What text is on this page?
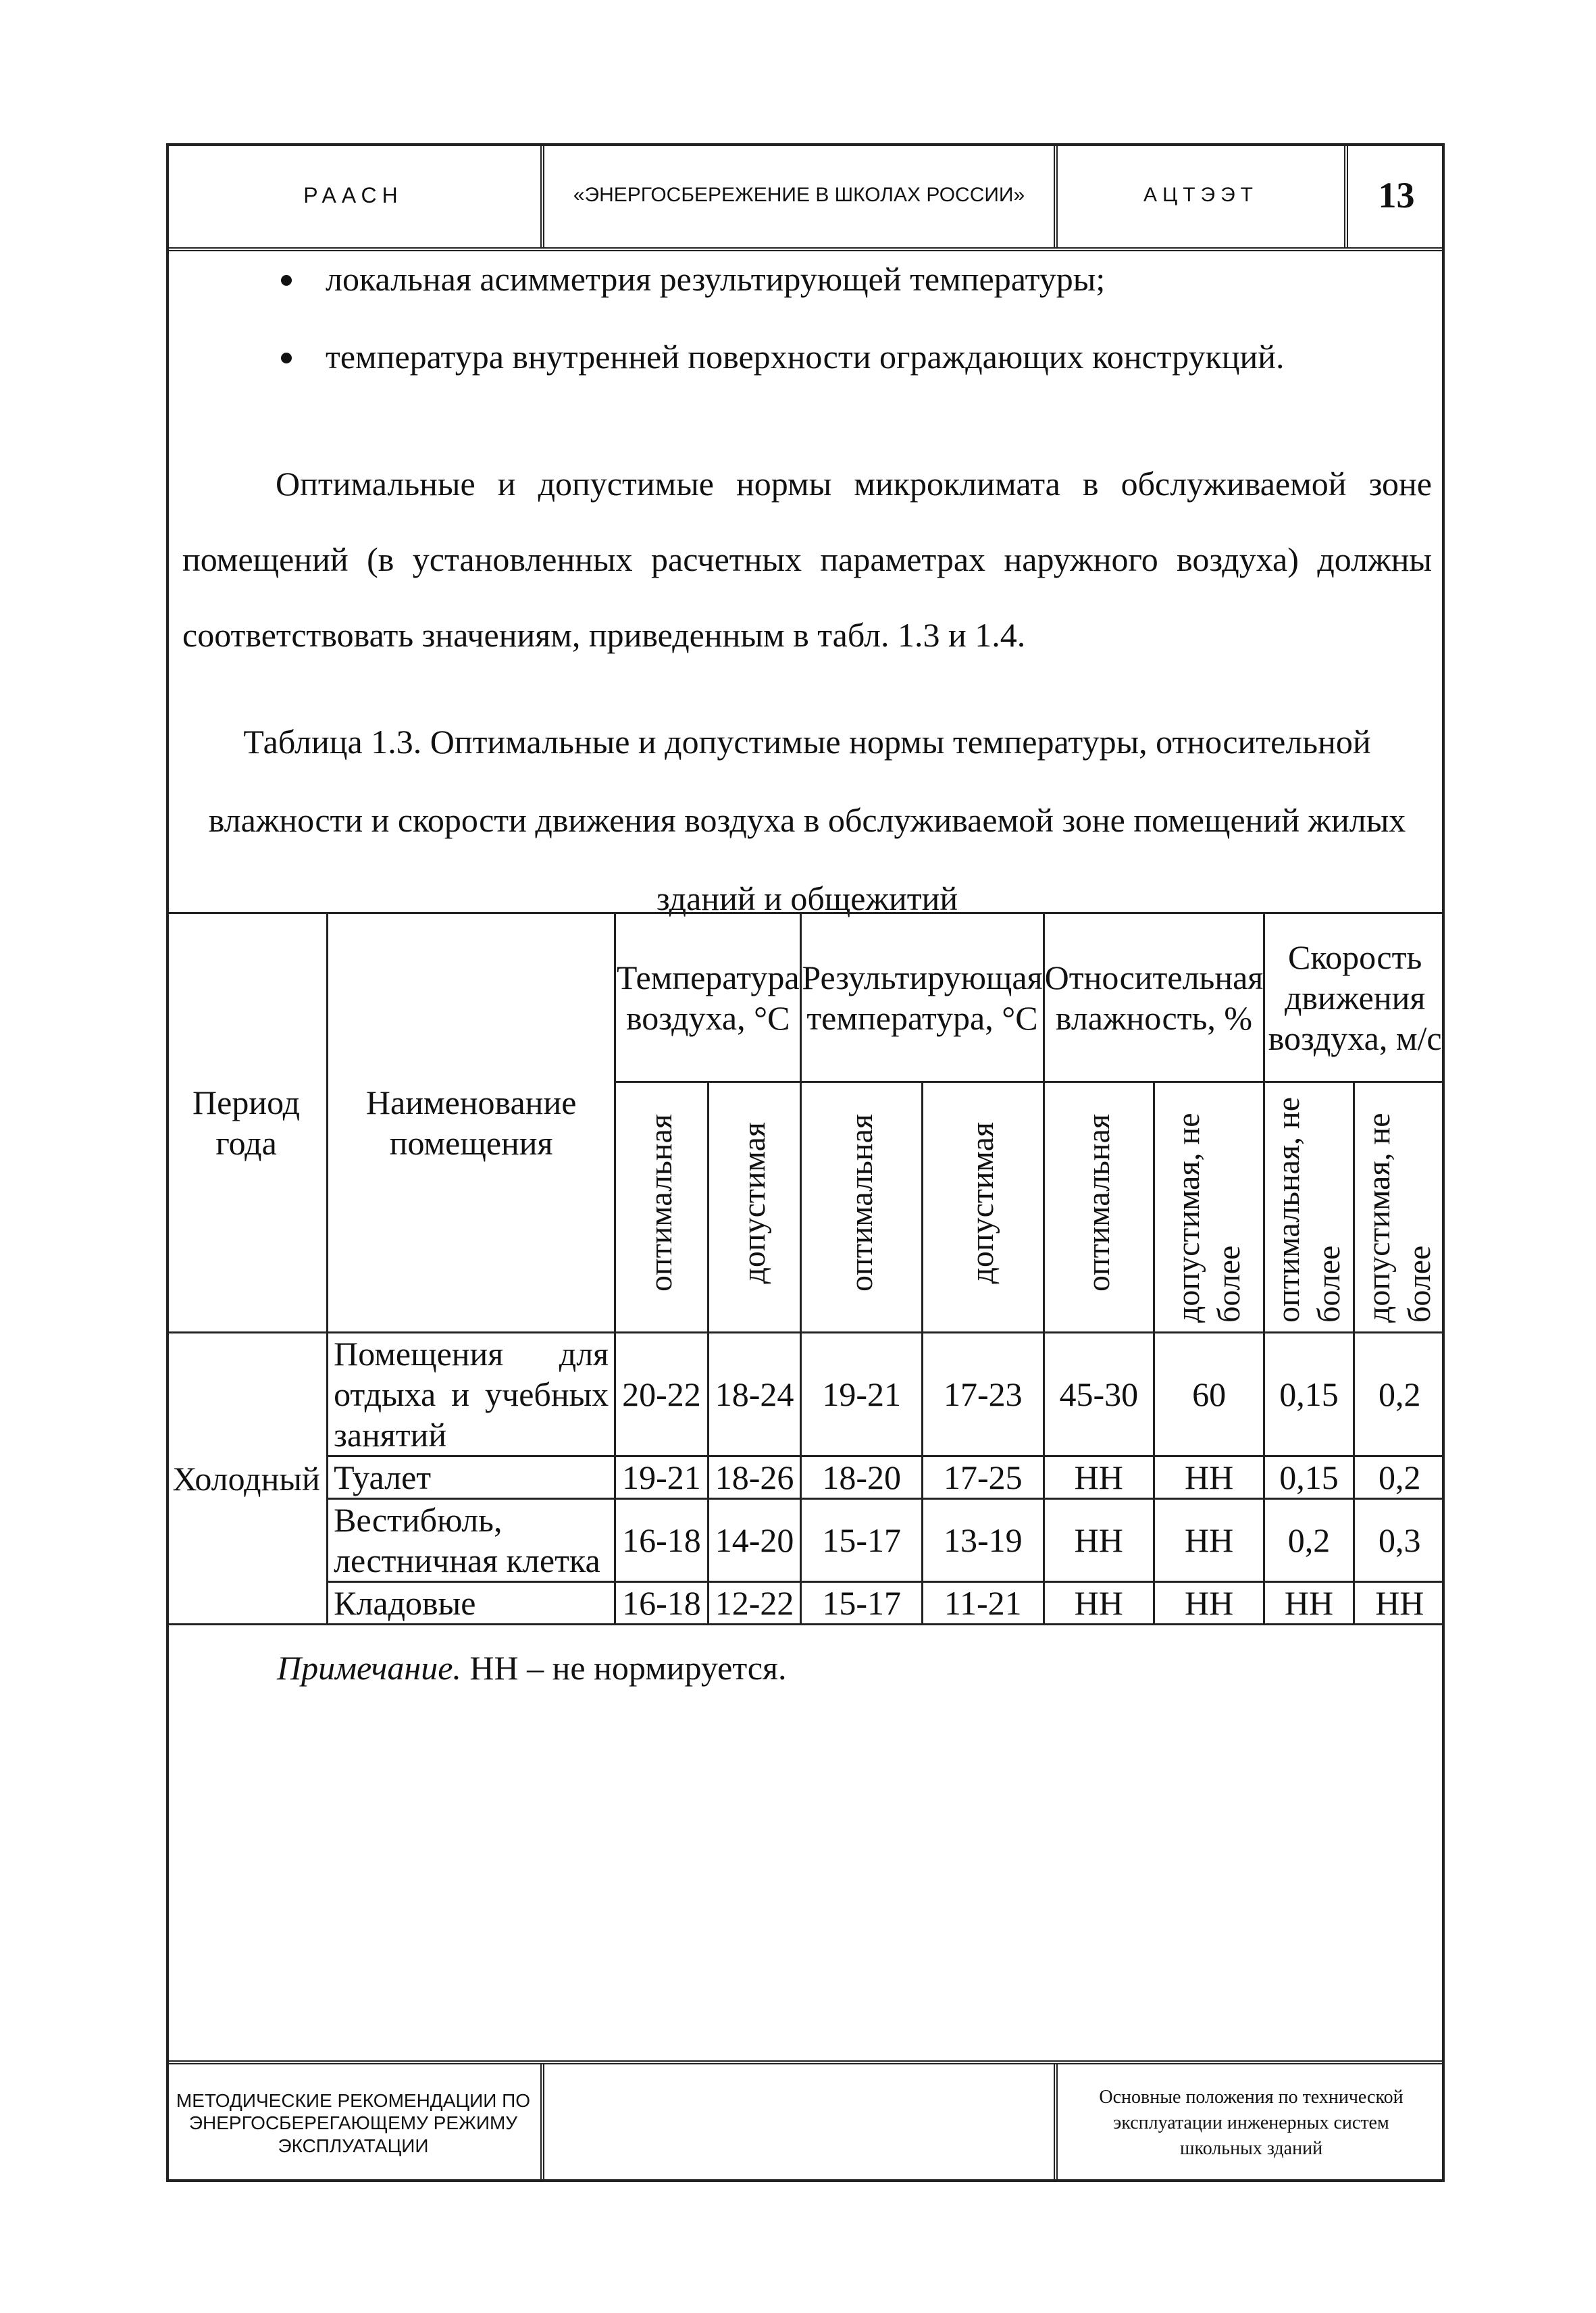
РААСН	«ЭНЕРГОСБЕРЕЖЕНИЕ В ШКОЛАХ РОССИИ»	АЦТЭЭТ	13
локальная асимметрия результирующей температуры;
температура внутренней поверхности ограждающих конструкций.
Оптимальные и допустимые нормы микроклимата в обслуживаемой зоне помещений (в установленных расчетных параметрах наружного воздуха) должны соответствовать значениям, приведенным в табл. 1.3 и 1.4.
Таблица 1.3. Оптимальные и допустимые нормы температуры, относительной влажности и скорости движения воздуха в обслуживаемой зоне помещений жилых зданий и общежитий
Период года	Наименование помещения	Температура воздуха, °С		Результирующая температура, °С		Относительная влажность, %		Скорость движения воздуха, м/с	
		оптимальная	допустимая	оптимальная	допустимая	оптимальная	допустимая, не более	оптимальная, не более	допустимая, не более
Холодный	Помещения для отдыха и учебных занятий	20-22	18-24	19-21	17-23	45-30	60	0,15	0,2
	Туалет	19-21	18-26	18-20	17-25	НН	НН	0,15	0,2
	Вестибюль, лестничная клетка	16-18	14-20	15-17	13-19	НН	НН	0,2	0,3
	Кладовые	16-18	12-22	15-17	11-21	НН	НН	НН	НН
Примечание. НН – не нормируется.
МЕТОДИЧЕСКИЕ РЕКОМЕНДАЦИИ ПО ЭНЕРГОСБЕРЕГАЮЩЕМУ РЕЖИМУ ЭКСПЛУАТАЦИИ
Основные положения по технической эксплуатации инженерных систем школьных зданий
